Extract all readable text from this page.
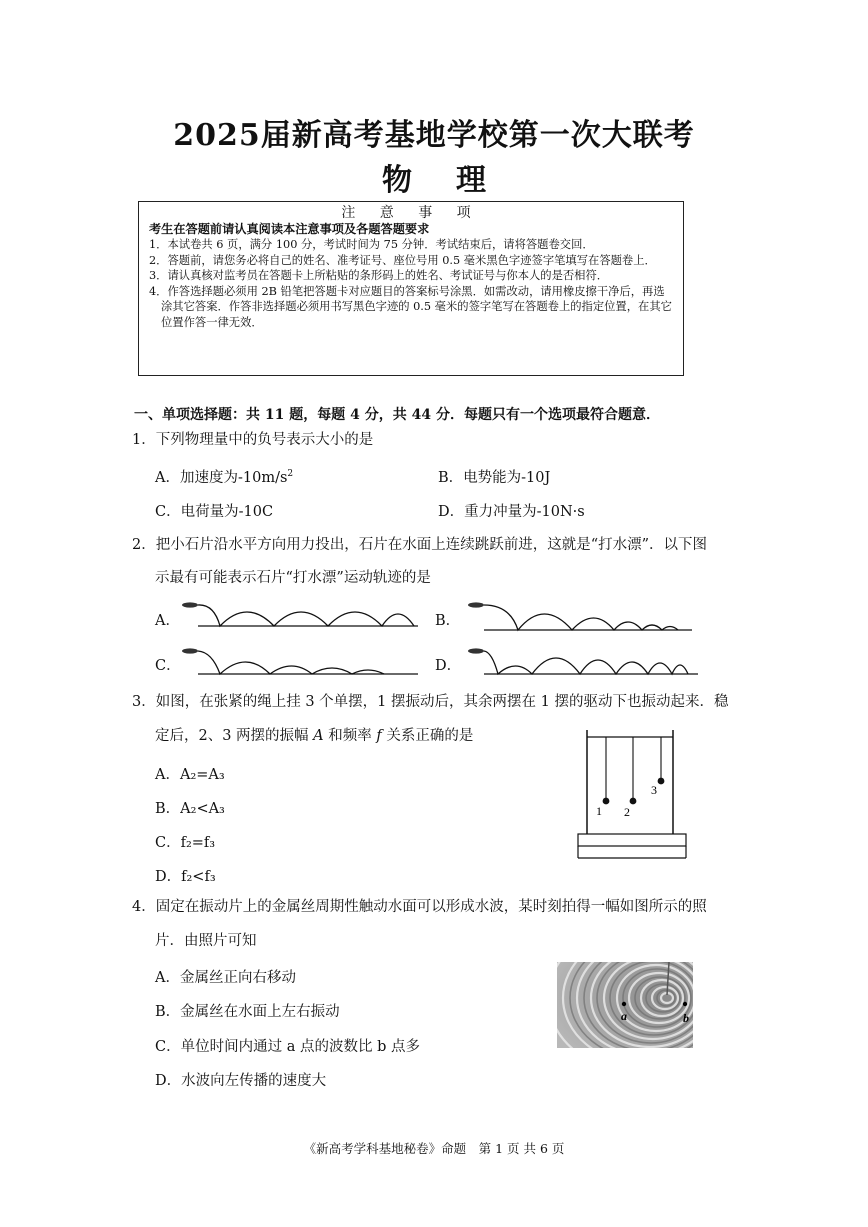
2025届新高考基地学校第一次大联考
物 理
注 意 事 项
考生在答题前请认真阅读本注意事项及各题答题要求
1．本试卷共 6 页，满分 100 分，考试时间为 75 分钟．考试结束后，请将答题卷交回．
2．答题前，请您务必将自己的姓名、准考证号、座位号用 0.5 毫米黑色字迹签字笔填写在答题卷上．
3．请认真核对监考员在答题卡上所粘贴的条形码上的姓名、考试证号与你本人的是否相符．
4．作答选择题必须用 2B 铅笔把答题卡对应题目的答案标号涂黑．如需改动，请用橡皮擦干净后，再选涂其它答案．作答非选择题必须用书写黑色字迹的 0.5 毫米的签字笔写在答题卷上的指定位置，在其它位置作答一律无效．
一、单项选择题：共 11 题，每题 4 分，共 44 分．每题只有一个选项最符合题意．
1．下列物理量中的负号表示大小的是
A．加速度为$-10m/s^2$	B．电势能为-10J
C．电荷量为-10C	D．重力冲量为-10N·s
2．把小石片沿水平方向用力投出，石片在水面上连续跳跃前进，这就是“打水漂”．以下图
示最有可能表示石片“打水漂”运动轨迹的是
A．	B．
C．	D．
3．如图，在张紧的绳上挂 3 个单摆，1 摆振动后，其余两摆在 1 摆的驱动下也振动起来．稳
定后，2、3 两摆的振幅 A 和频率 f 关系正确的是
A．A₂=A₃
B．A₂<A₃
C．f₂=f₃
D．f₂<f₃
1 2
3
4．固定在振动片上的金属丝周期性触动水面可以形成水波，某时刻拍得一幅如图所示的照
片．由照片可知
A．金属丝正向右移动
B．金属丝在水面上左右振动
C．单位时间内通过 a 点的波数比 b 点多
D．水波向左传播的速度大
a	b
《新高考学科基地秘卷》命题　第 1 页 共 6 页
